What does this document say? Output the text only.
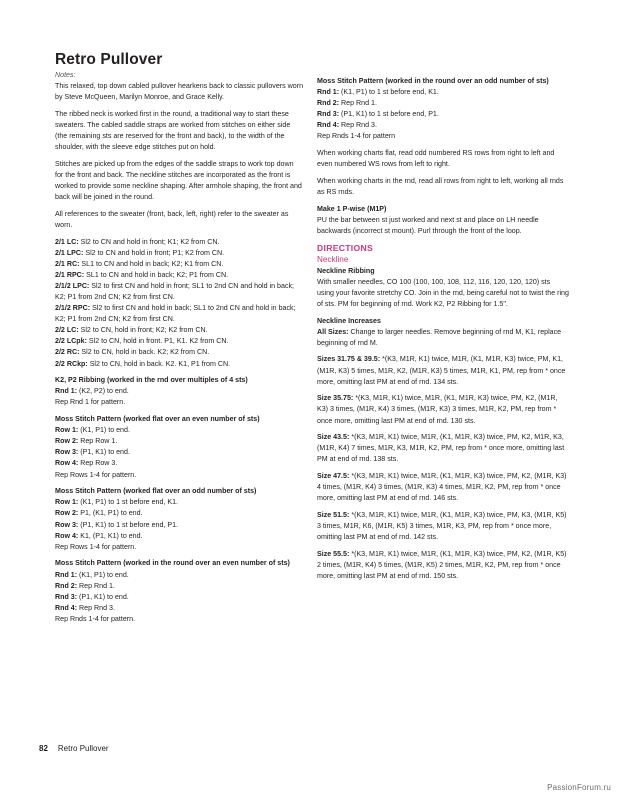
Retro Pullover
Notes:

This relaxed, top down cabled pullover hearkens back to classic pullovers worn by Steve McQueen, Marilyn Monroe, and Grace Kelly.

The ribbed neck is worked first in the round, a traditional way to start these sweaters. The cabled saddle straps are worked from stitches on either side (the remaining sts are reserved for the front and back), to the width of the shoulder, with the sleeve edge stitches put on hold.

Stitches are picked up from the edges of the saddle straps to work top down for the front and back. The neckline stitches are incorporated as the front is worked to provide some neckline shaping. After armhole shaping, the front and back will be joined in the round.

All references to the sweater (front, back, left, right) refer to the sweater as worn.

2/1 LC: Sl2 to CN and hold in front; K1; K2 from CN.
2/1 LPC: Sl2 to CN and hold in front; P1; K2 from CN.
2/1 RC: SL1 to CN and hold in back; K2; K1 from CN.
2/1 RPC: SL1 to CN and hold in back; K2; P1 from CN.
2/1/2 LPC: Sl2 to first CN and hold in front; SL1 to 2nd CN and hold in back; K2; P1 from 2nd CN; K2 from first CN.
2/1/2 RPC: Sl2 to first CN and hold in back; SL1 to 2nd CN and hold in back; K2; P1 from 2nd CN; K2 from first CN.
2/2 LC: Sl2 to CN, hold in front; K2; K2 from CN.
2/2 LCpk: Sl2 to CN, hold in front. P1, K1. K2 from CN.
2/2 RC: Sl2 to CN, hold in back. K2; K2 from CN.
2/2 RCkp: Sl2 to CN, hold in back. K2. K1, P1 from CN.
K2, P2 Ribbing (worked in the rnd over multiples of 4 sts)
Rnd 1: (K2, P2) to end.
Rep Rnd 1 for pattern.
Moss Stitch Pattern (worked flat over an even number of sts)
Row 1: (K1, P1) to end.
Row 2: Rep Row 1.
Row 3: (P1, K1) to end.
Row 4: Rep Row 3.
Rep Rows 1-4 for pattern.
Moss Stitch Pattern (worked flat over an odd number of sts)
Row 1: (K1, P1) to 1 st before end, K1.
Row 2: P1, (K1, P1) to end.
Row 3: (P1, K1) to 1 st before end, P1.
Row 4: K1, (P1, K1) to end.
Rep Rows 1-4 for pattern.
Moss Stitch Pattern (worked in the round over an even number of sts)
Rnd 1: (K1, P1) to end.
Rnd 2: Rep Rnd 1.
Rnd 3: (P1, K1) to end.
Rnd 4: Rep Rnd 3.
Rep Rnds 1-4 for pattern.
Moss Stitch Pattern (worked in the round over an odd number of sts)
Rnd 1: (K1, P1) to 1 st before end, K1.
Rnd 2: Rep Rnd 1.
Rnd 3: (P1, K1) to 1 st before end, P1.
Rnd 4: Rep Rnd 3.
Rep Rnds 1-4 for pattern

When working charts flat, read odd numbered RS rows from right to left and even numbered WS rows from left to right.

When working charts in the rnd, read all rows from right to left, working all rnds as RS rnds.

Make 1 P-wise (M1P)
PU the bar between st just worked and next st and place on LH needle backwards (incorrect st mount). Purl through the front of the loop.
DIRECTIONS
Neckline
Neckline Ribbing
With smaller needles, CO 100 (100, 100, 108, 112, 116, 120, 120, 120) sts using your favorite stretchy CO. Join in the rnd, being careful not to twist the ring of sts. PM for beginning of rnd. Work K2, P2 Ribbing for 1.5".
Neckline Increases
All Sizes: Change to larger needles. Remove beginning of rnd M, K1, replace beginning of rnd M.

Sizes 31.75 & 39.5: *(K3, M1R, K1) twice, M1R, (K1, M1R, K3) twice, PM, K1, (M1R, K3) 5 times, M1R, K2, (M1R, K3) 5 times, M1R, K1, PM, rep from * once more, omitting last PM at end of rnd. 134 sts.

Size 35.75: *(K3, M1R, K1) twice, M1R, (K1, M1R, K3) twice, PM, K2, (M1R, K3) 3 times, (M1R, K4) 3 times, (M1R, K3) 3 times, M1R, K2, PM, rep from * once more, omitting last PM at end of rnd. 130 sts.

Size 43.5: *(K3, M1R, K1) twice, M1R, (K1, M1R, K3) twice, PM, K2, M1R, K3, (M1R, K4) 7 times, M1R, K3, M1R, K2, PM, rep from * once more, omitting last PM at end of rnd. 138 sts.

Size 47.5: *(K3, M1R, K1) twice, M1R, (K1, M1R, K3) twice, PM, K2, (M1R, K3) 4 times, (M1R, K4) 3 times, (M1R, K3) 4 times, M1R, K2, PM, rep from * once more, omitting last PM at end of rnd. 146 sts.

Size 51.5: *(K3, M1R, K1) twice, M1R, (K1, M1R, K3) twice, PM, K3, (M1R, K5) 3 times, M1R, K6, (M1R, K5) 3 times, M1R, K3, PM, rep from * once more, omitting last PM at end of rnd. 142 sts.

Size 55.5: *(K3, M1R, K1) twice, M1R, (K1, M1R, K3) twice, PM, K2, (M1R, K5) 2 times, (M1R, K4) 5 times, (M1R, K5) 2 times, M1R, K2, PM, rep from * once more, omitting last PM at end of rnd. 150 sts.

82 Retro Pullover
PassionForum.ru
